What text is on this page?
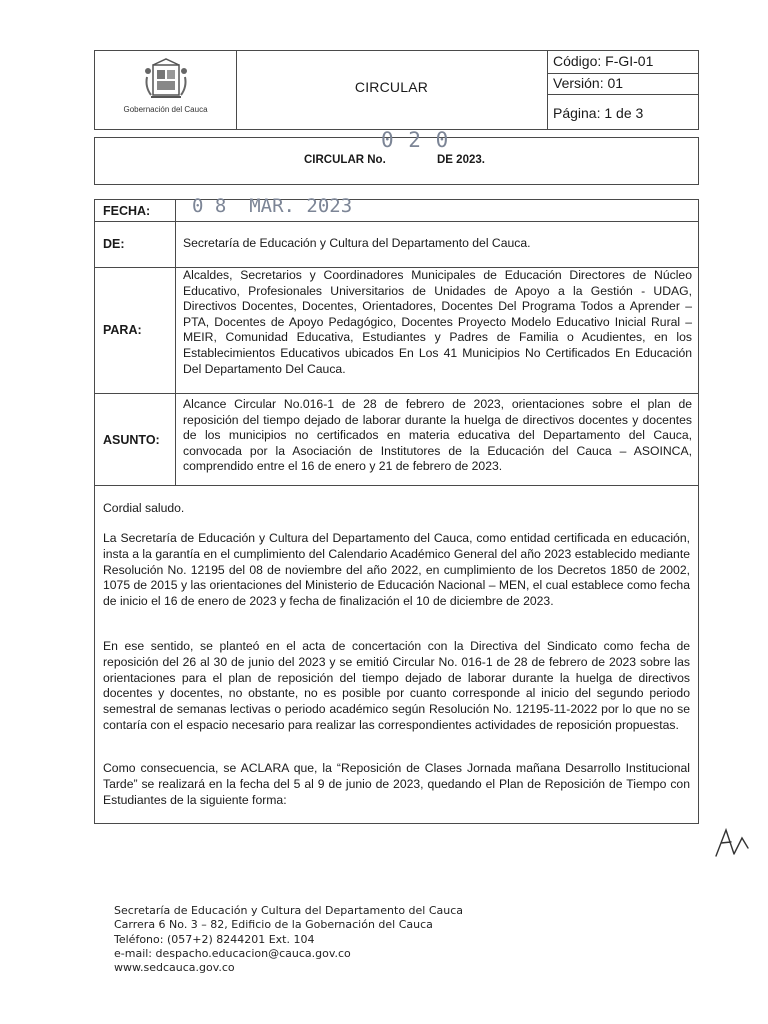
Gobernación del Cauca
CIRCULAR
Código: F-GI-01
Versión: 01
Página: 1 de 3
0 2 0
CIRCULAR No.	DE 2023.
FECHA: 0 8  MAR. 2023
DE:	Secretaría de Educación y Cultura del Departamento del Cauca.
PARA:
Alcaldes, Secretarios y Coordinadores Municipales de Educación Directores de Núcleo Educativo, Profesionales Universitarios de Unidades de Apoyo a la Gestión - UDAG, Directivos Docentes, Docentes, Orientadores, Docentes Del Programa Todos a Aprender – PTA, Docentes de Apoyo Pedagógico, Docentes Proyecto Modelo Educativo Inicial Rural – MEIR, Comunidad Educativa, Estudiantes y Padres de Familia o Acudientes, en los Establecimientos Educativos ubicados En Los 41 Municipios No Certificados En Educación Del Departamento Del Cauca.
ASUNTO:
Alcance Circular No.016-1 de 28 de febrero de 2023, orientaciones sobre el plan de reposición del tiempo dejado de laborar durante la huelga de directivos docentes y docentes de los municipios no certificados en materia educativa del Departamento del Cauca, convocada por la Asociación de Institutores de la Educación del Cauca – ASOINCA, comprendido entre el 16 de enero y 21 de febrero de 2023.
Cordial saludo.
La Secretaría de Educación y Cultura del Departamento del Cauca, como entidad certificada en educación, insta a la garantía en el cumplimiento del Calendario Académico General del año 2023 establecido mediante Resolución No. 12195 del 08 de noviembre del año 2022, en cumplimiento de los Decretos 1850 de 2002, 1075 de 2015 y las orientaciones del Ministerio de Educación Nacional – MEN, el cual establece como fecha de inicio el 16 de enero de 2023 y fecha de finalización el 10 de diciembre de 2023.
En ese sentido, se planteó en el acta de concertación con la Directiva del Sindicato como fecha de reposición del 26 al 30 de junio del 2023 y se emitió Circular No. 016-1 de 28 de febrero de 2023 sobre las orientaciones para el plan de reposición del tiempo dejado de laborar durante la huelga de directivos docentes y docentes, no obstante, no es posible por cuanto corresponde al inicio del segundo periodo semestral de semanas lectivas o periodo académico según Resolución No. 12195-11-2022 por lo que no se contaría con el espacio necesario para realizar las correspondientes actividades de reposición propuestas.
Como consecuencia, se ACLARA que, la “Reposición de Clases Jornada mañana Desarrollo Institucional Tarde” se realizará en la fecha del 5 al 9 de junio de 2023, quedando el Plan de Reposición de Tiempo con Estudiantes de la siguiente forma:
Secretaría de Educación y Cultura del Departamento del Cauca
Carrera 6 No. 3 – 82, Edificio de la Gobernación del Cauca
Teléfono: (057+2) 8244201 Ext. 104
e-mail: despacho.educacion@cauca.gov.co
www.sedcauca.gov.co
